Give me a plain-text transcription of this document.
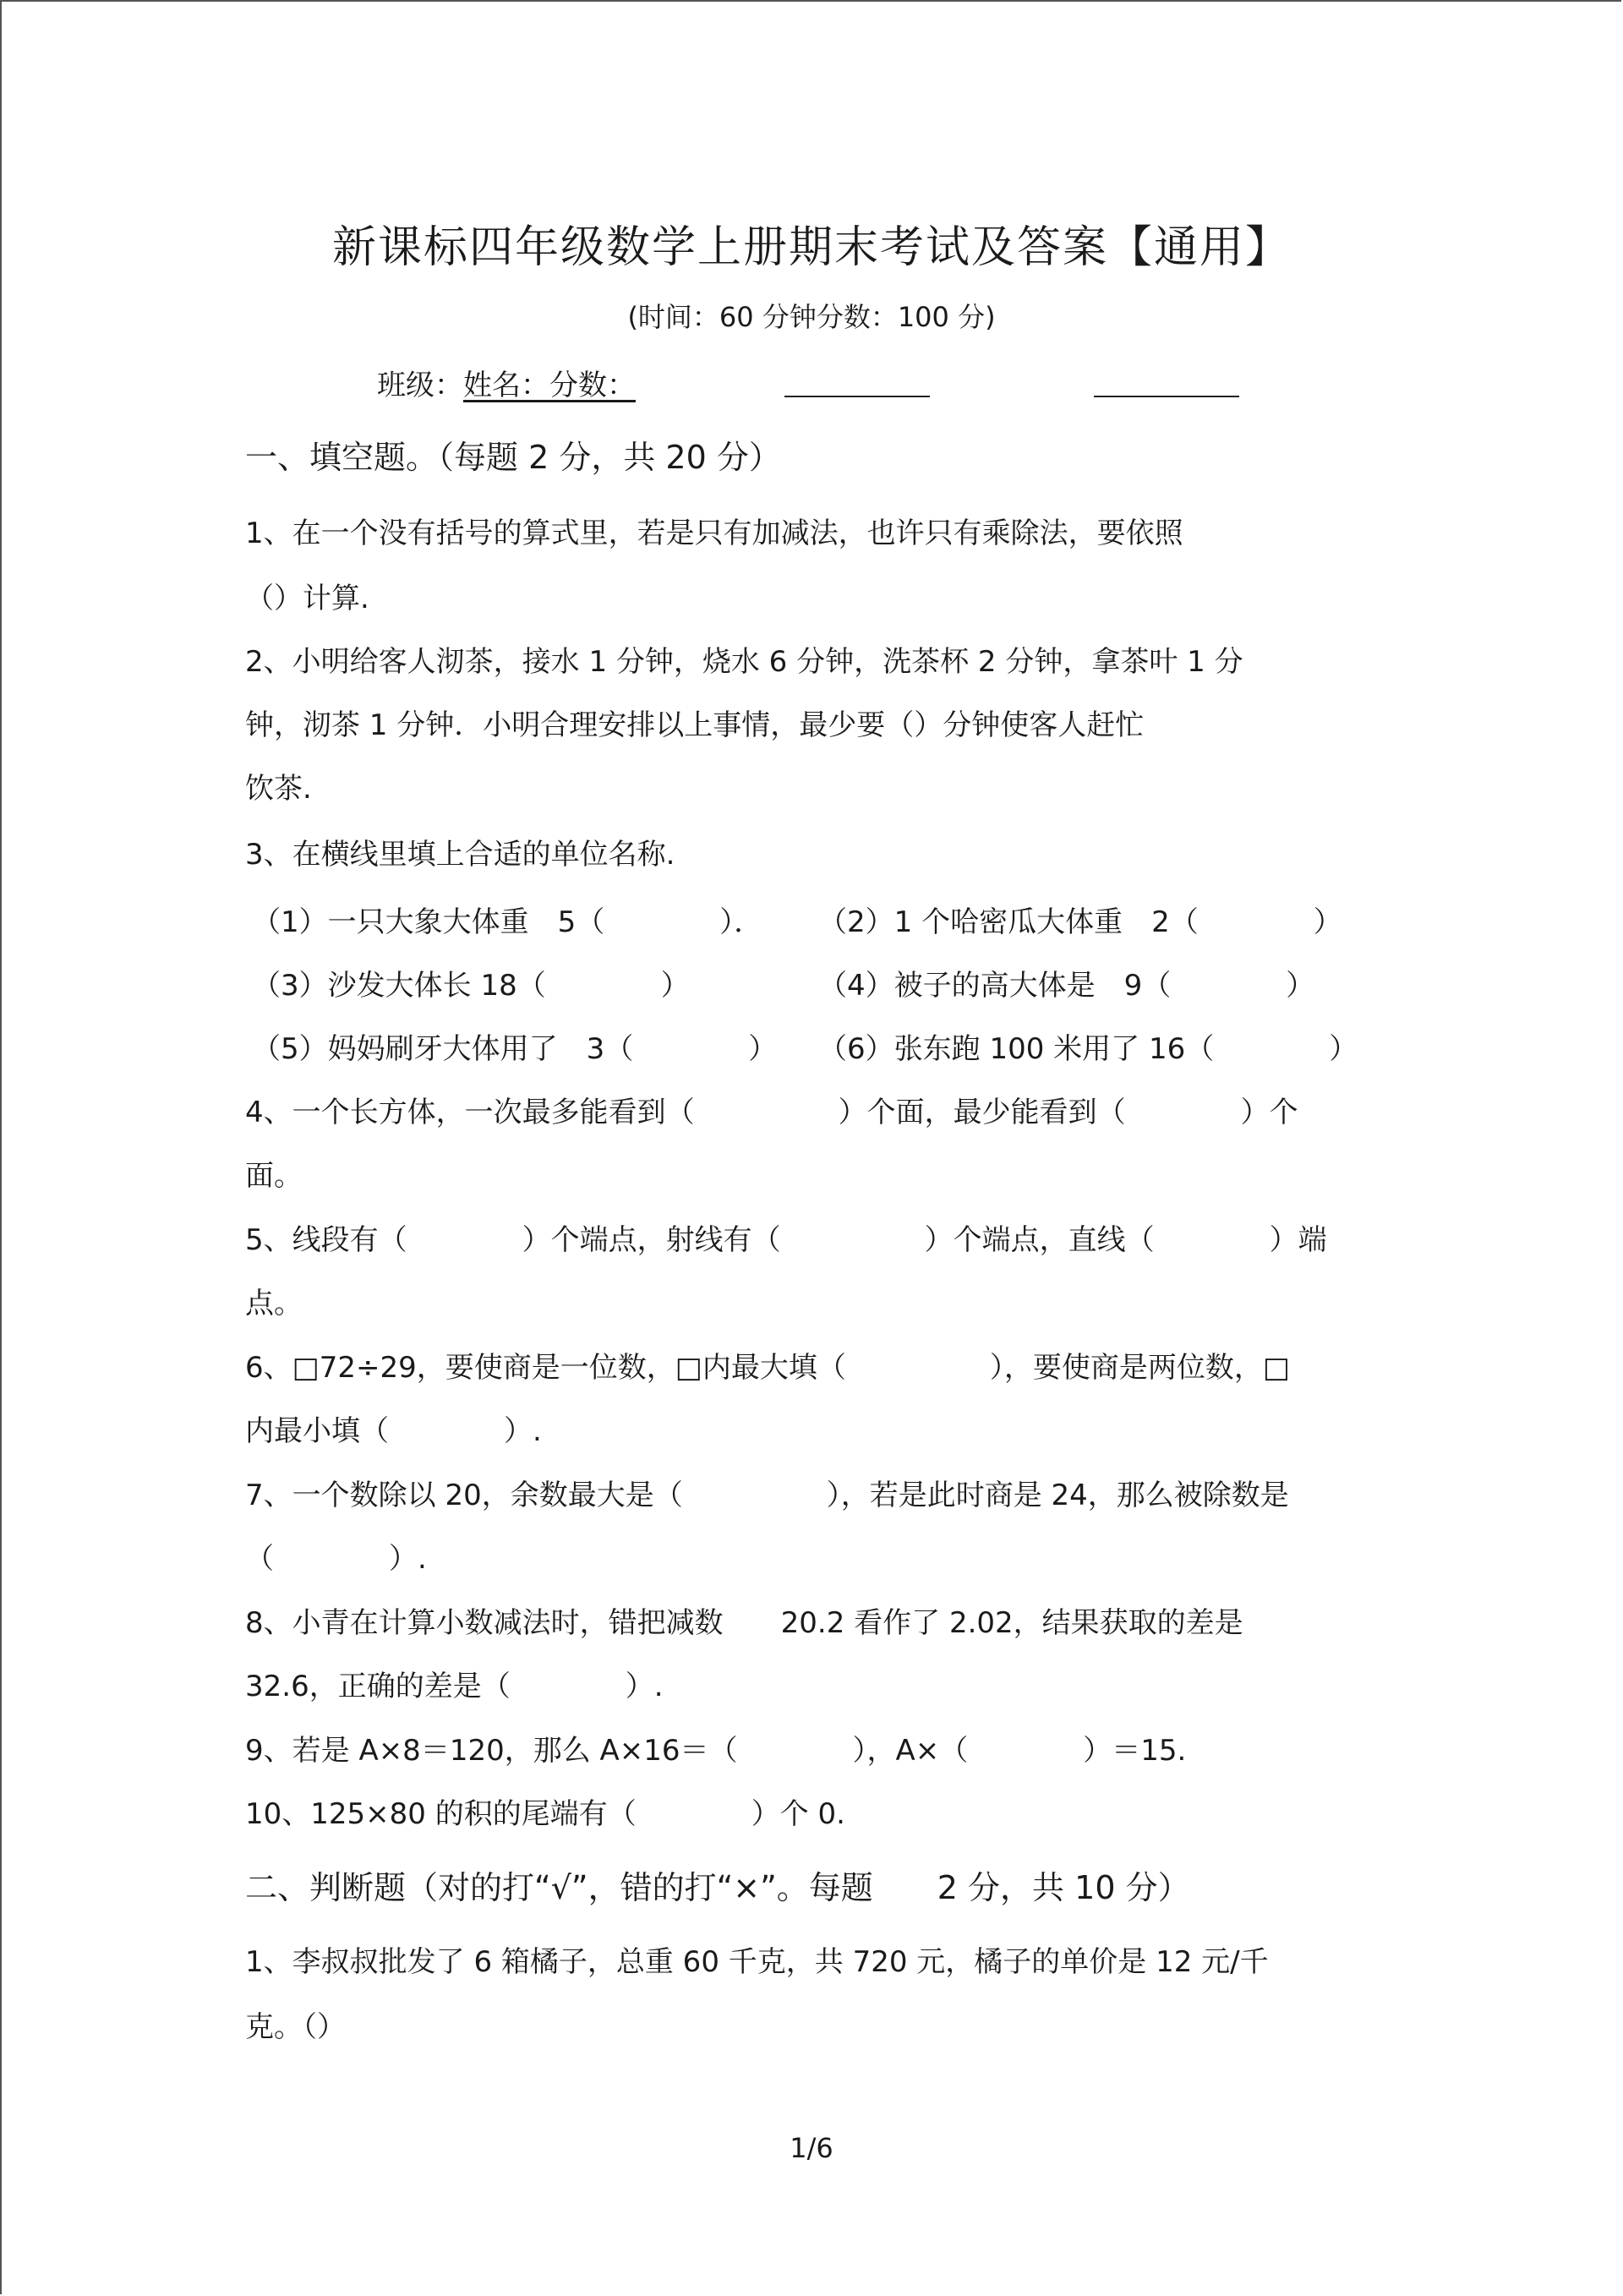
新课标四年级数学上册期末考试及答案【通用】
(时间：60 分钟分数：100 分)
班级：姓名：分数：
一、填空题。（每题 2 分，共 20 分）
1、在一个没有括号的算式里，若是只有加减法，也许只有乘除法，要依照
（）计算.
2、小明给客人沏茶，接水 1 分钟，烧水 6 分钟，洗茶杯 2 分钟，拿茶叶 1 分
钟，沏茶 1 分钟．小明合理安排以上事情，最少要（）分钟使客人赶忙
饮茶.
3、在横线里填上合适的单位名称.
（1）一只大象大体重　5（　　　　）． （2）1 个哈密瓜大体重　2（　　　　）
（3）沙发大体长 18（　　　　）	（4）被子的高大体是　9（　　　　）
（5）妈妈刷牙大体用了　3（　　　　） （6）张东跑 100 米用了 16（　　　　）
4、一个长方体，一次最多能看到（　　　　　）个面，最少能看到（　　　　）个
面。
5、线段有（　　　　）个端点，射线有（　　　　　）个端点，直线（　　　　）端
点。
6、□72÷29，要使商是一位数，□内最大填（　　　　　），要使商是两位数，□
内最小填（　　　　）.
7、一个数除以 20，余数最大是（　　　　　），若是此时商是 24，那么被除数是
（　　　　）.
8、小青在计算小数减法时，错把减数　　20.2 看作了 2.02，结果获取的差是
32.6，正确的差是（　　　　）.
9、若是 A×8＝120，那么 A×16＝（　　　　），A×（　　　　）＝15.
10、125×80 的积的尾端有（　　　　）个 0.
二、判断题（对的打“√”，错的打“×”。每题　　2 分，共 10 分）
1、李叔叔批发了 6 箱橘子，总重 60 千克，共 720 元，橘子的单价是 12 元/千
克。（）
1/6
